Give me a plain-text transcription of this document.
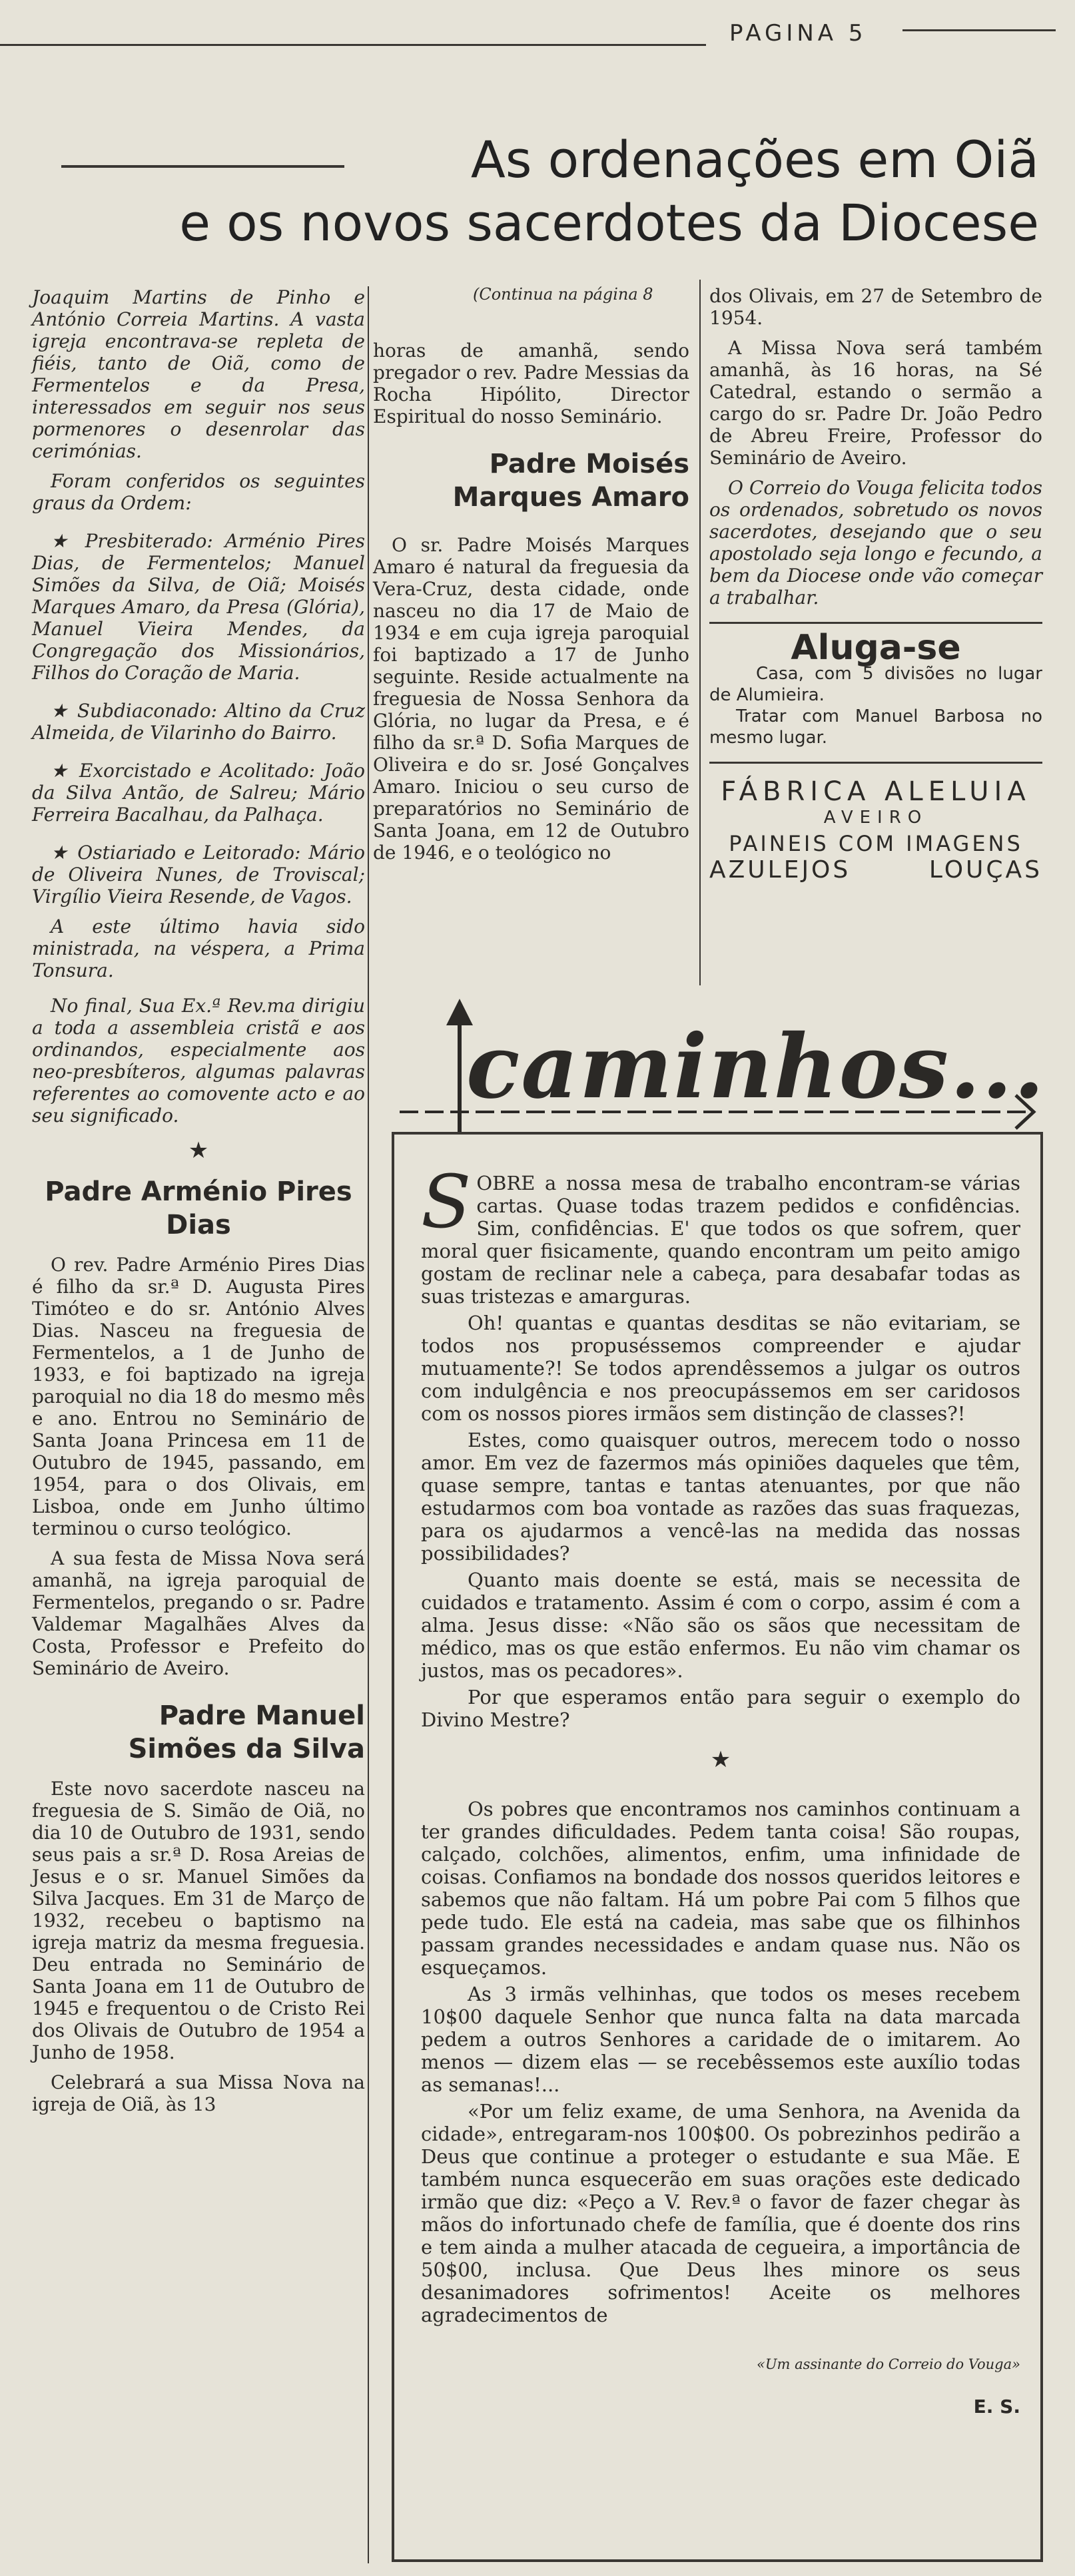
PAGINA 5
As ordenações em Oiã
e os novos sacerdotes da Diocese
(Continua na página 8

Joaquim Martins de Pinho e António Correia Martins. A vasta igreja encontrava-se repleta de fiéis, tanto de Oiã, como de Fermentelos e da Presa, interessados em seguir nos seus pormenores o desenrolar das cerimónias.

Foram conferidos os seguintes graus da Ordem:

★ Presbiterado: Arménio Pires Dias, de Fermentelos; Manuel Simões da Silva, de Oiã; Moisés Marques Amaro, da Presa (Glória), Manuel Vieira Mendes, da Congregação dos Missionários, Filhos do Coração de Maria.

★ Subdiaconado: Altino da Cruz Almeida, de Vilarinho do Bairro.

★ Exorcistado e Acolitado: João da Silva Antão, de Salreu; Mário Ferreira Bacalhau, da Palhaça.

★ Ostiariado e Leitorado: Mário de Oliveira Nunes, de Troviscal; Virgílio Vieira Resende, de Vagos.

A este último havia sido ministrada, na véspera, a Prima Tonsura.

No final, Sua Ex.ª Rev.ma dirigiu a toda a assembleia cristã e aos ordinandos, especialmente aos neo-presbíteros, algumas palavras referentes ao comovente acto e ao seu significado.

★
Padre Arménio Pires Dias

O rev. Padre Arménio Pires Dias é filho da sr.ª D. Augusta Pires Timóteo e do sr. António Alves Dias. Nasceu na freguesia de Fermentelos, a 1 de Junho de 1933, e foi baptizado na igreja paroquial no dia 18 do mesmo mês e ano. Entrou no Seminário de Santa Joana Princesa em 11 de Outubro de 1945, passando, em 1954, para o dos Olivais, em Lisboa, onde em Junho último terminou o curso teológico.

A sua festa de Missa Nova será amanhã, na igreja paroquial de Fermentelos, pregando o sr. Padre Valdemar Magalhães Alves da Costa, Professor e Prefeito do Seminário de Aveiro.

Padre Manuel
Simões da Silva

Este novo sacerdote nasceu na freguesia de S. Simão de Oiã, no dia 10 de Outubro de 1931, sendo seus pais a sr.ª D. Rosa Areias de Jesus e o sr. Manuel Simões da Silva Jacques. Em 31 de Março de 1932, recebeu o baptismo na igreja matriz da mesma freguesia. Deu entrada no Seminário de Santa Joana em 11 de Outubro de 1945 e frequentou o de Cristo Rei dos Olivais de Outubro de 1954 a Junho de 1958.

Celebrará a sua Missa Nova na igreja de Oiã, às 13

horas de amanhã, sendo pregador o rev. Padre Messias da Rocha Hipólito, Director Espiritual do nosso Seminário.

Padre Moisés
Marques Amaro

O sr. Padre Moisés Marques Amaro é natural da freguesia da Vera-Cruz, desta cidade, onde nasceu no dia 17 de Maio de 1934 e em cuja igreja paroquial foi baptizado a 17 de Junho seguinte. Reside actualmente na freguesia de Nossa Senhora da Glória, no lugar da Presa, e é filho da sr.ª D. Sofia Marques de Oliveira e do sr. José Gonçalves Amaro. Iniciou o seu curso de preparatórios no Seminário de Santa Joana, em 12 de Outubro de 1946, e o teológico no

dos Olivais, em 27 de Setembro de 1954.

A Missa Nova será também amanhã, às 16 horas, na Sé Catedral, estando o sermão a cargo do sr. Padre Dr. João Pedro de Abreu Freire, Professor do Seminário de Aveiro.

O Correio do Vouga felicita todos os ordenados, sobretudo os novos sacerdotes, desejando que o seu apostolado seja longo e fecundo, a bem da Diocese onde vão começar a trabalhar.

Aluga-se
Casa, com 5 divisões no lugar de Alumieira.
Tratar com Manuel Barbosa no mesmo lugar.
FÁBRICA ALELUIA
AVEIRO
PAINEIS COM IMAGENS
AZULEJOS	LOUÇAS
caminhos...

SOBRE a nossa mesa de trabalho encontram-se várias cartas. Quase todas trazem pedidos e confidências. Sim, confidências. E' que todos os que sofrem, quer moral quer fisicamente, quando encontram um peito amigo gostam de reclinar nele a cabeça, para desabafar todas as suas tristezas e amarguras.

Oh! quantas e quantas desditas se não evitariam, se todos nos propuséssemos compreender e ajudar mutuamente?! Se todos aprendêssemos a julgar os outros com indulgência e nos preocupássemos em ser caridosos com os nossos piores irmãos sem distinção de classes?!

Estes, como quaisquer outros, merecem todo o nosso amor. Em vez de fazermos más opiniões daqueles que têm, quase sempre, tantas e tantas atenuantes, por que não estudarmos com boa vontade as razões das suas fraquezas, para os ajudarmos a vencê-las na medida das nossas possibilidades?

Quanto mais doente se está, mais se necessita de cuidados e tratamento. Assim é com o corpo, assim é com a alma. Jesus disse: «Não são os sãos que necessitam de médico, mas os que estão enfermos. Eu não vim chamar os justos, mas os pecadores».

Por que esperamos então para seguir o exemplo do Divino Mestre?

★

Os pobres que encontramos nos caminhos continuam a ter grandes dificuldades. Pedem tanta coisa! São roupas, calçado, colchões, alimentos, enfim, uma infinidade de coisas. Confiamos na bondade dos nossos queridos leitores e sabemos que não faltam. Há um pobre Pai com 5 filhos que pede tudo. Ele está na cadeia, mas sabe que os filhinhos passam grandes necessidades e andam quase nus. Não os esqueçamos.

As 3 irmãs velhinhas, que todos os meses recebem 10$00 daquele Senhor que nunca falta na data marcada pedem a outros Senhores a caridade de o imitarem. Ao menos — dizem elas — se recebêssemos este auxílio todas as semanas!...

«Por um feliz exame, de uma Senhora, na Avenida da cidade», entregaram-nos 100$00. Os pobrezinhos pedirão a Deus que continue a proteger o estudante e sua Mãe. E também nunca esquecerão em suas orações este dedicado irmão que diz: «Peço a V. Rev.ª o favor de fazer chegar às mãos do infortunado chefe de família, que é doente dos rins e tem ainda a mulher atacada de cegueira, a importância de 50$00, inclusa. Que Deus lhes minore os seus desanimadores sofrimentos! Aceite os melhores agradecimentos de

«Um assinante do Correio do Vouga»
E. S.
